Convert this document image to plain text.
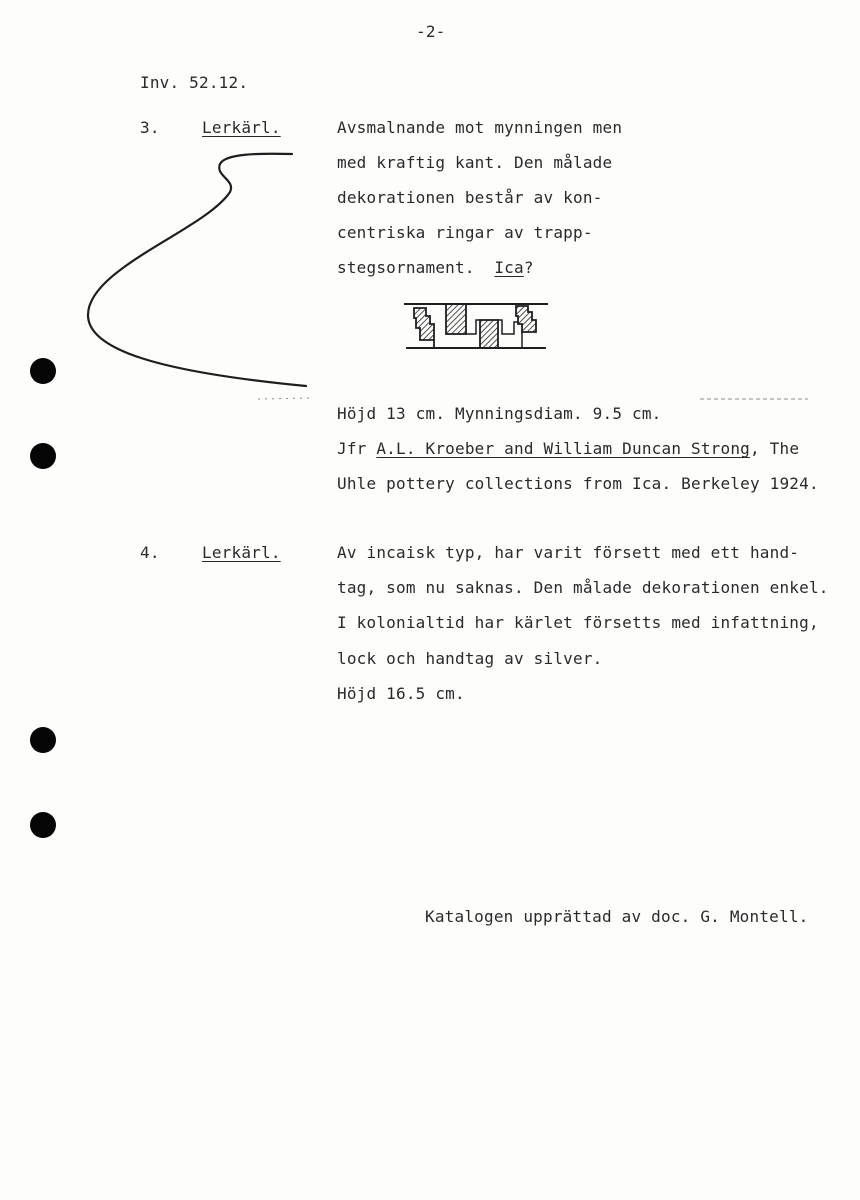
-2-
Inv. 52.12.
3.	Lerkärl.	Avsmalnande mot mynningen men
med kraftig kant. Den målade
dekorationen består av kon-
centriska ringar av trapp-
stegsornament. Ica?
Höjd 13 cm. Mynningsdiam. 9.5 cm.
Jfr A.L. Kroeber and William Duncan Strong, The
Uhle pottery collections from Ica. Berkeley 1924.
4.	Lerkärl.	Av incaisk typ, har varit försett med ett hand-
tag, som nu saknas. Den målade dekorationen enkel.
I kolonialtid har kärlet försetts med infattning,
lock och handtag av silver.
Höjd 16.5 cm.
Katalogen upprättad av doc. G. Montell.
